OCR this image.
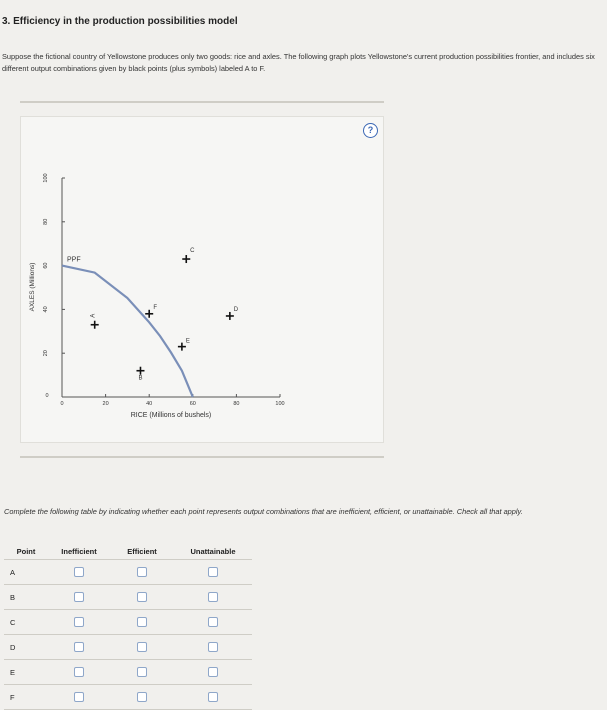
3. Efficiency in the production possibilities model
Suppose the fictional country of Yellowstone produces only two goods: rice and axles. The following graph plots Yellowstone's current production possibilities frontier, and includes six different output combinations given by black points (plus symbols) labeled A to F.
?
0
20
40
60
80
100
0	20	40	60	80	100
PPF
A
B
C
D
E
F
RICE (Millions of bushels)
AXLES (Millions)
Complete the following table by indicating whether each point represents output combinations that are inefficient, efficient, or unattainable. Check all that apply.
Point	Inefficient	Efficient	Unattainable
A			
B			
C			
D			
E			
F			
